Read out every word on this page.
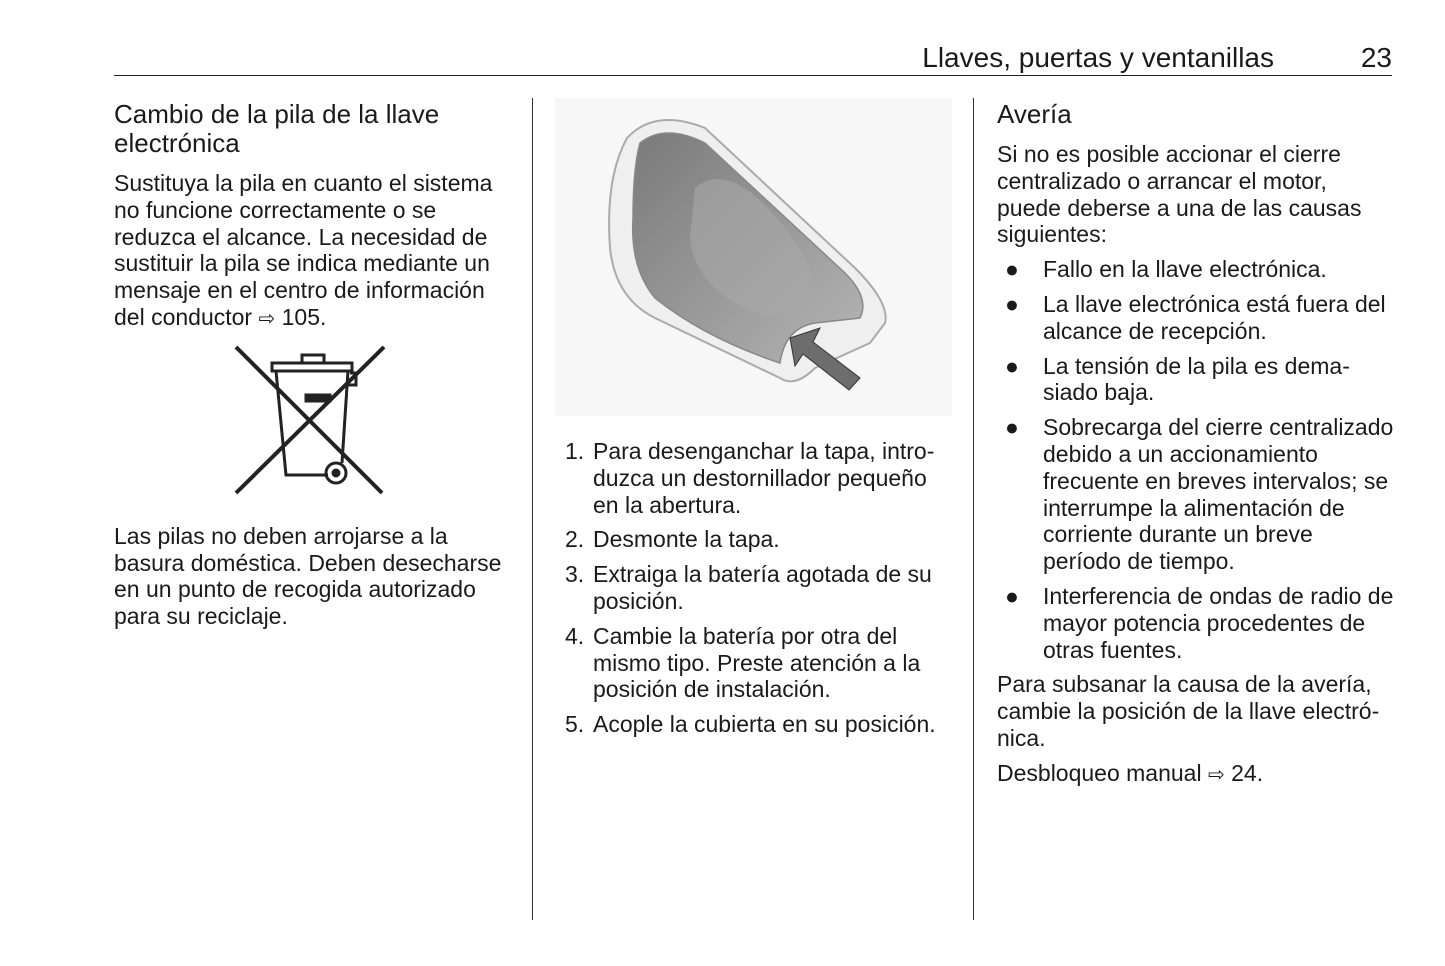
Llaves, puertas y ventanillas	23
Cambio de la pila de la llave electrónica

Sustituya la pila en cuanto el sistema no funcione correctamente o se reduzca el alcance. La necesidad de sustituir la pila se indica mediante un mensaje en el centro de información del conductor ⇨ 105.

Las pilas no deben arrojarse a la basura doméstica. Deben desecharse en un punto de recogida autorizado para su reciclaje.

1. Para desenganchar la tapa, introduzca un destornillador pequeño en la abertura.
2. Desmonte la tapa.
3. Extraiga la batería agotada de su posición.
4. Cambie la batería por otra del mismo tipo. Preste atención a la posición de instalación.
5. Acople la cubierta en su posición.
Avería

Si no es posible accionar el cierre centralizado o arrancar el motor, puede deberse a una de las causas siguientes:

● Fallo en la llave electrónica.
● La llave electrónica está fuera del alcance de recepción.
● La tensión de la pila es demasiado baja.
● Sobrecarga del cierre centralizado debido a un accionamiento frecuente en breves intervalos; se interrumpe la alimentación de corriente durante un breve período de tiempo.
● Interferencia de ondas de radio de mayor potencia procedentes de otras fuentes.

Para subsanar la causa de la avería, cambie la posición de la llave electrónica.

Desbloqueo manual ⇨ 24.
